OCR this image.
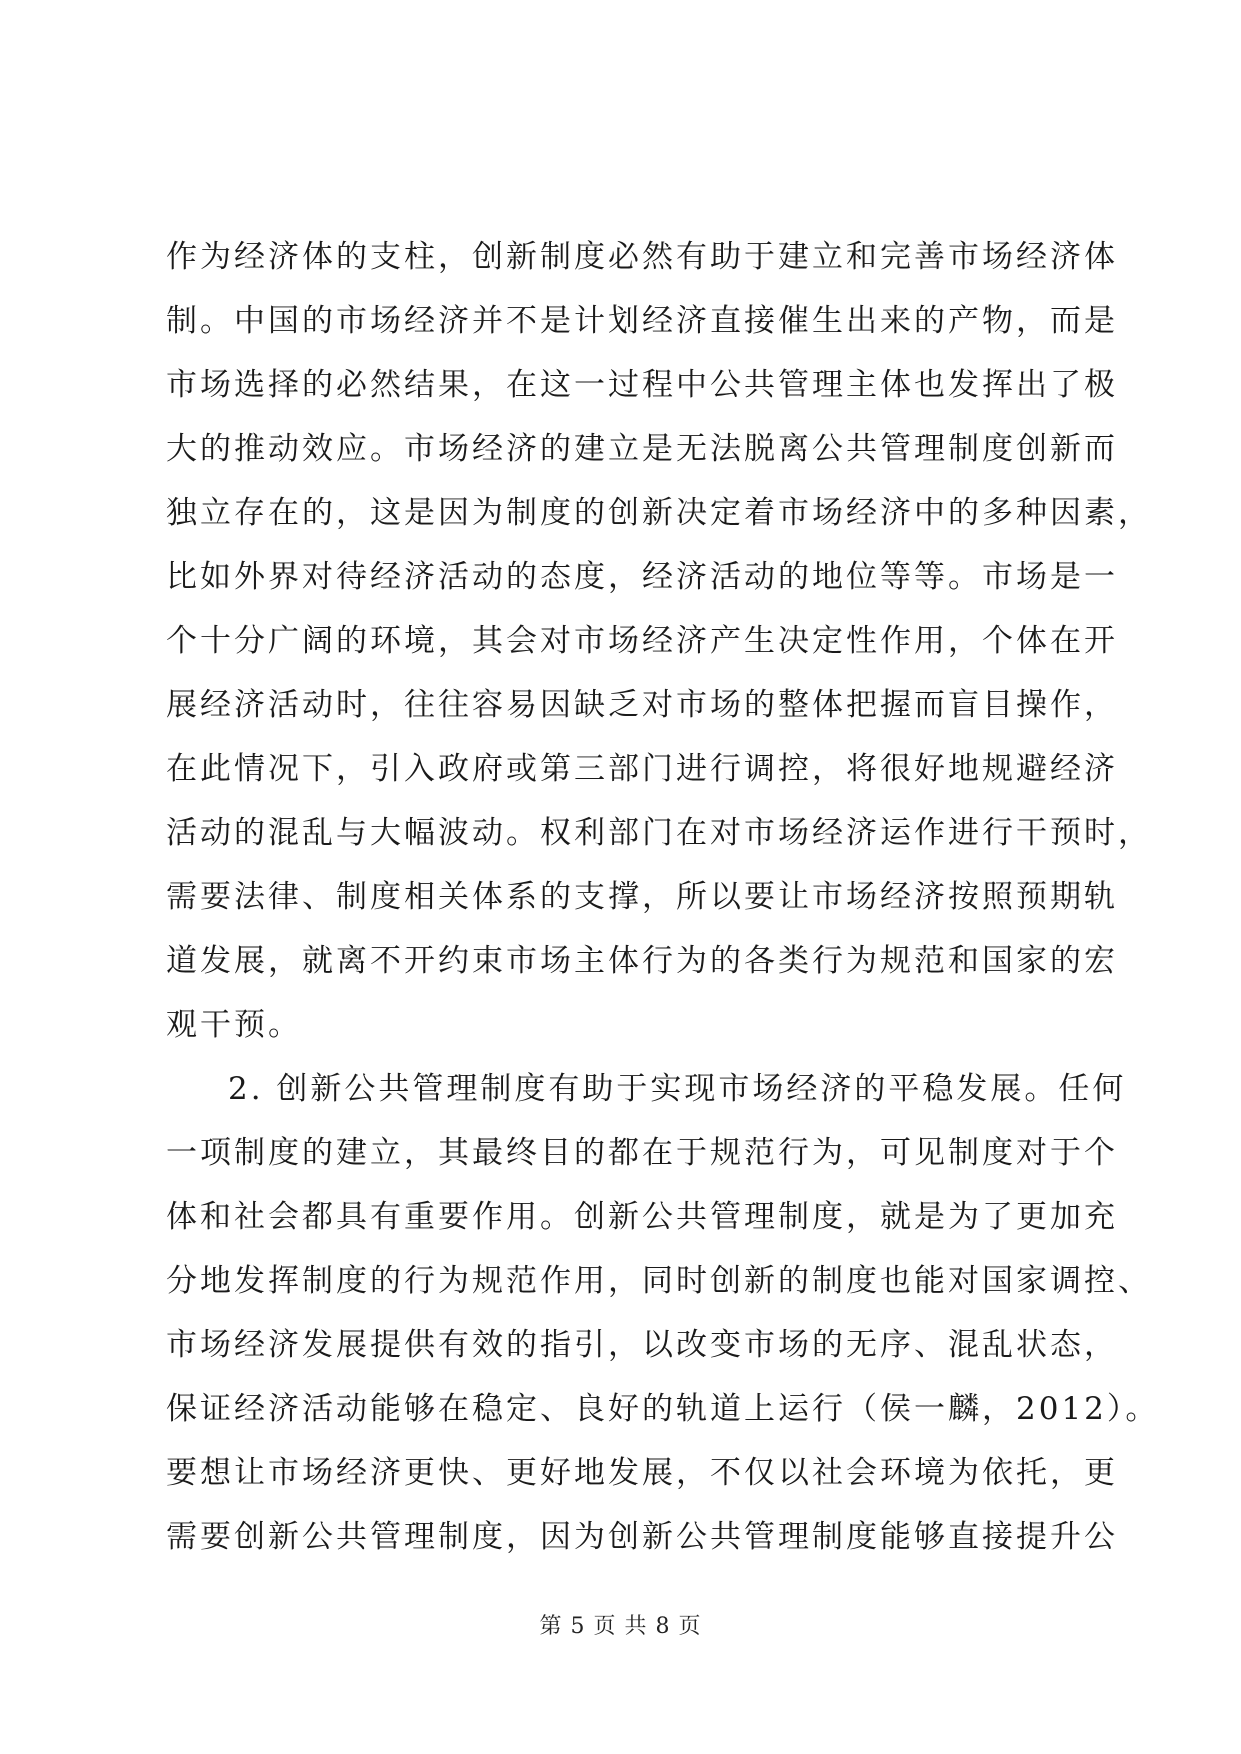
作为经济体的支柱，创新制度必然有助于建立和完善市场经济体
制。中国的市场经济并不是计划经济直接催生出来的产物，而是
市场选择的必然结果，在这一过程中公共管理主体也发挥出了极
大的推动效应。市场经济的建立是无法脱离公共管理制度创新而
独立存在的，这是因为制度的创新决定着市场经济中的多种因素，
比如外界对待经济活动的态度，经济活动的地位等等。市场是一
个十分广阔的环境，其会对市场经济产生决定性作用，个体在开
展经济活动时，往往容易因缺乏对市场的整体把握而盲目操作，
在此情况下，引入政府或第三部门进行调控，将很好地规避经济
活动的混乱与大幅波动。权利部门在对市场经济运作进行干预时，
需要法律、制度相关体系的支撑，所以要让市场经济按照预期轨
道发展，就离不开约束市场主体行为的各类行为规范和国家的宏
观干预。
2. 创新公共管理制度有助于实现市场经济的平稳发展。任何
一项制度的建立，其最终目的都在于规范行为，可见制度对于个
体和社会都具有重要作用。创新公共管理制度，就是为了更加充
分地发挥制度的行为规范作用，同时创新的制度也能对国家调控、
市场经济发展提供有效的指引，以改变市场的无序、混乱状态，
保证经济活动能够在稳定、良好的轨道上运行（侯一麟，2012）。
要想让市场经济更快、更好地发展，不仅以社会环境为依托，更
需要创新公共管理制度，因为创新公共管理制度能够直接提升公
第 5 页 共 8 页
